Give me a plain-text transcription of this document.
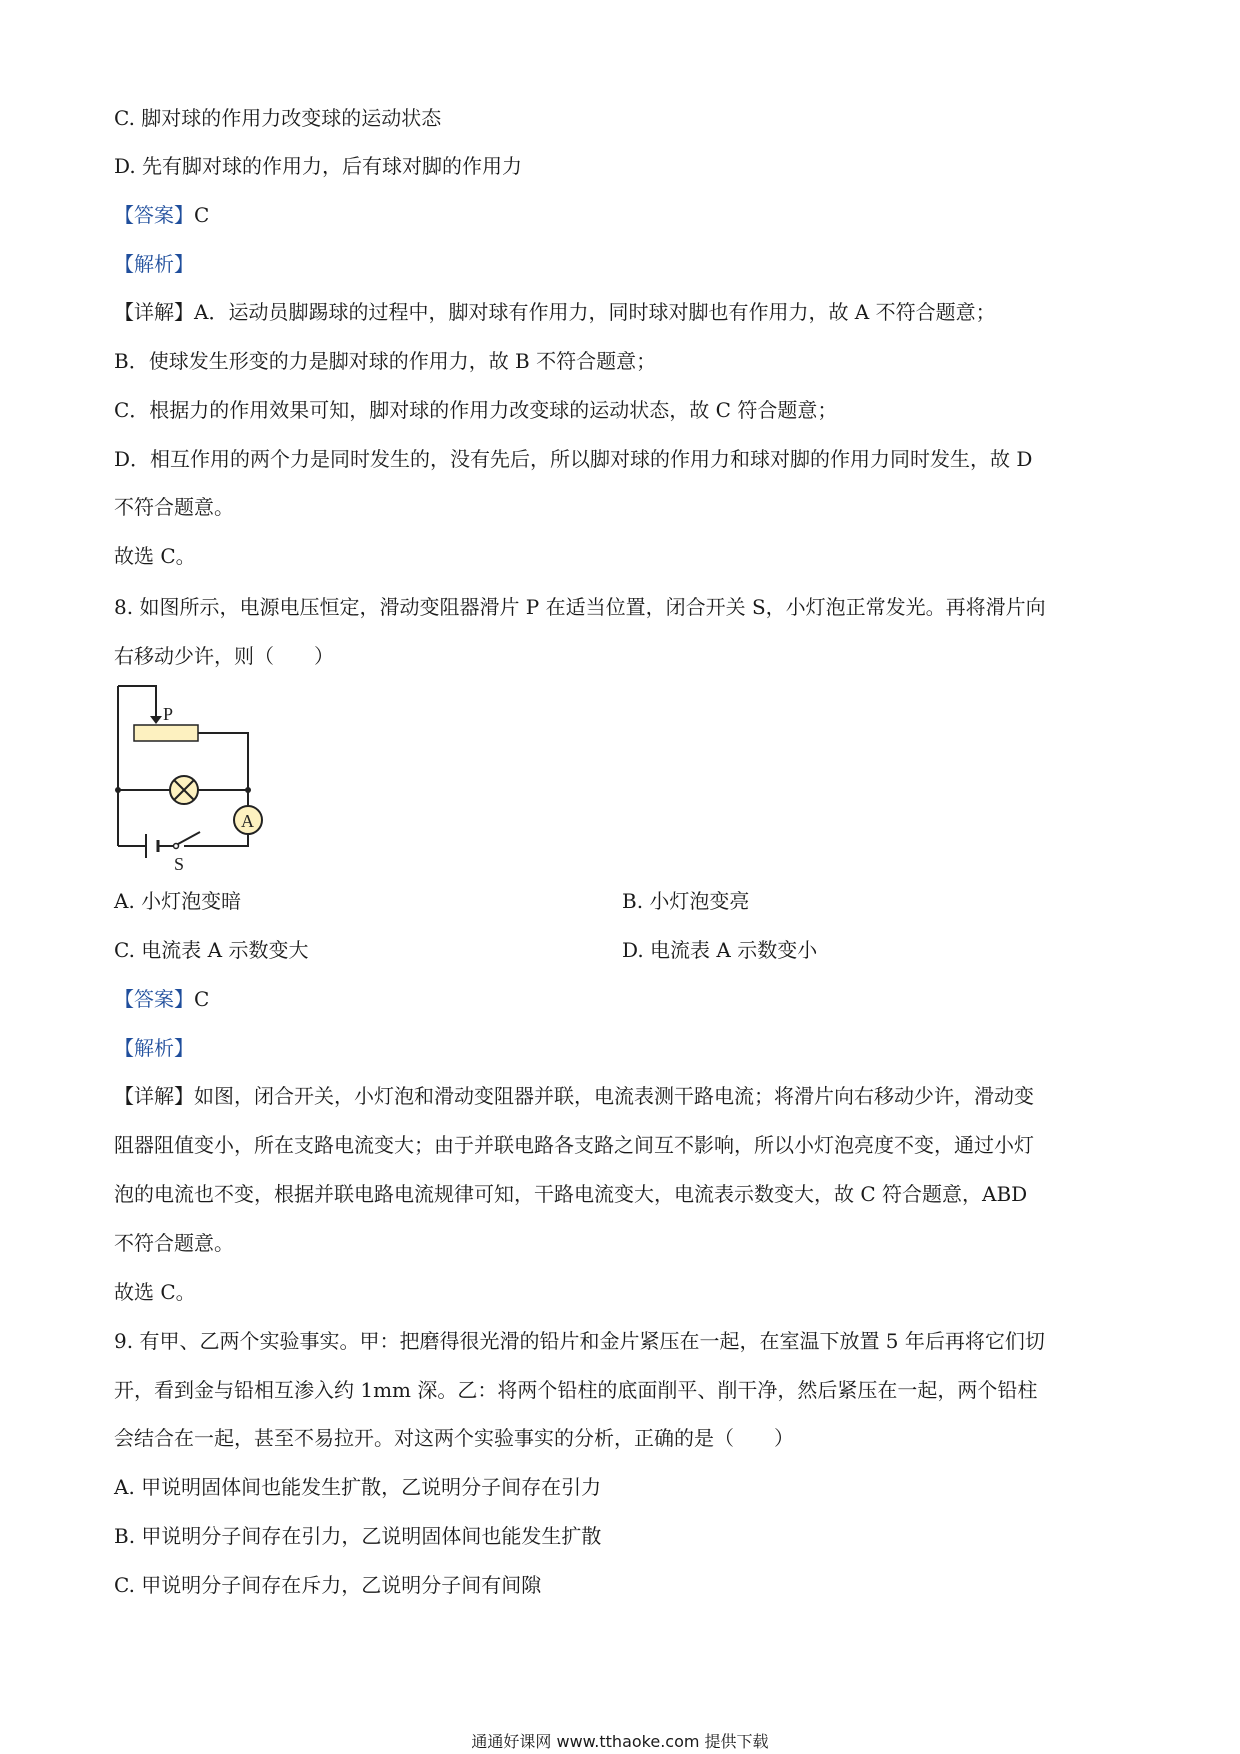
C. 脚对球的作用力改变球的运动状态
D. 先有脚对球的作用力，后有球对脚的作用力
【答案】C
【解析】
【详解】A．运动员脚踢球的过程中，脚对球有作用力，同时球对脚也有作用力，故 A 不符合题意；
B．使球发生形变的力是脚对球的作用力，故 B 不符合题意；
C．根据力的作用效果可知，脚对球的作用力改变球的运动状态，故 C 符合题意；
D．相互作用的两个力是同时发生的，没有先后，所以脚对球的作用力和球对脚的作用力同时发生，故 D
不符合题意。
故选 C。
8. 如图所示，电源电压恒定，滑动变阻器滑片 P 在适当位置，闭合开关 S，小灯泡正常发光。再将滑片向
右移动少许，则（　　）
P
A
S
A. 小灯泡变暗	B. 小灯泡变亮
C. 电流表 A 示数变大	D. 电流表 A 示数变小
【答案】C
【解析】
【详解】如图，闭合开关，小灯泡和滑动变阻器并联，电流表测干路电流；将滑片向右移动少许，滑动变
阻器阻值变小，所在支路电流变大；由于并联电路各支路之间互不影响，所以小灯泡亮度不变，通过小灯
泡的电流也不变，根据并联电路电流规律可知，干路电流变大，电流表示数变大，故 C 符合题意，ABD
不符合题意。
故选 C。
9. 有甲、乙两个实验事实。甲：把磨得很光滑的铅片和金片紧压在一起，在室温下放置 5 年后再将它们切
开，看到金与铅相互渗入约 1mm 深。乙：将两个铅柱的底面削平、削干净，然后紧压在一起，两个铅柱
会结合在一起，甚至不易拉开。对这两个实验事实的分析，正确的是（　　）
A. 甲说明固体间也能发生扩散，乙说明分子间存在引力
B. 甲说明分子间存在引力，乙说明固体间也能发生扩散
C. 甲说明分子间存在斥力，乙说明分子间有间隙
通通好课网 www.tthaoke.com 提供下载
